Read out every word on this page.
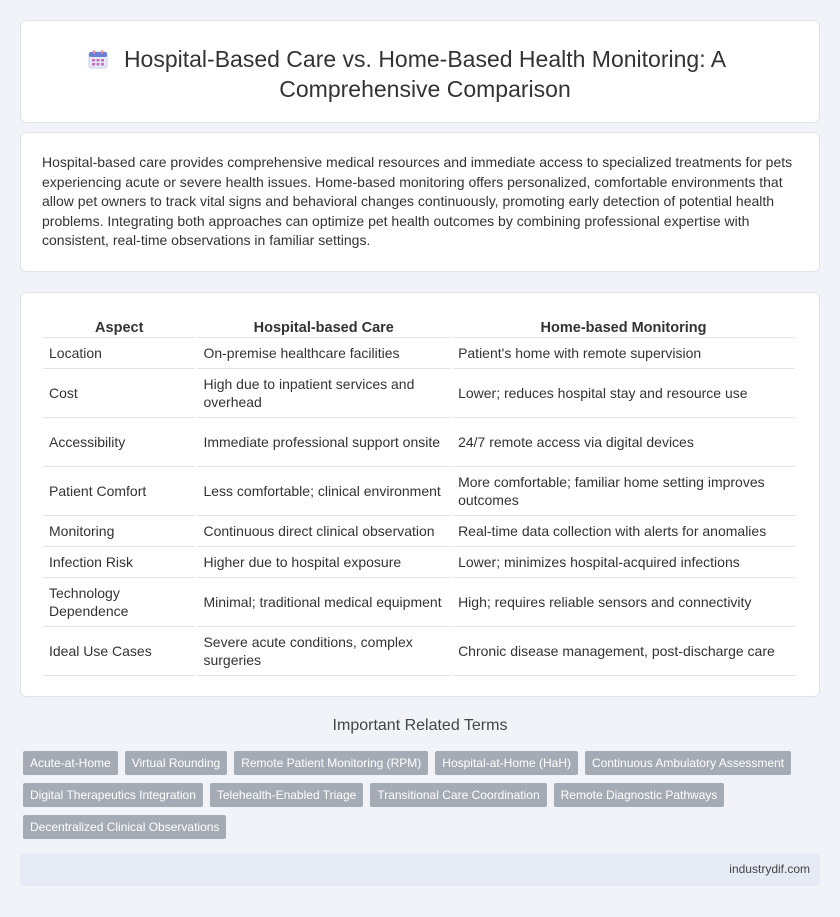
Hospital-Based Care vs. Home-Based Health Monitoring: A Comprehensive Comparison

Hospital-based care provides comprehensive medical resources and immediate access to specialized treatments for pets experiencing acute or severe health issues. Home-based monitoring offers personalized, comfortable environments that allow pet owners to track vital signs and behavioral changes continuously, promoting early detection of potential health problems. Integrating both approaches can optimize pet health outcomes by combining professional expertise with consistent, real-time observations in familiar settings.

Aspect	Hospital-based Care	Home-based Monitoring
Location	On-premise healthcare facilities	Patient's home with remote supervision
Cost	High due to inpatient services and overhead	Lower; reduces hospital stay and resource use
Accessibility	Immediate professional support onsite	24/7 remote access via digital devices
Patient Comfort	Less comfortable; clinical environment	More comfortable; familiar home setting improves outcomes
Monitoring	Continuous direct clinical observation	Real-time data collection with alerts for anomalies
Infection Risk	Higher due to hospital exposure	Lower; minimizes hospital-acquired infections
Technology Dependence	Minimal; traditional medical equipment	High; requires reliable sensors and connectivity
Ideal Use Cases	Severe acute conditions, complex surgeries	Chronic disease management, post-discharge care
Important Related Terms
Acute-at-Home	Virtual Rounding	Remote Patient Monitoring (RPM)	Hospital-at-Home (HaH)	Continuous Ambulatory Assessment
Digital Therapeutics Integration	Telehealth-Enabled Triage	Transitional Care Coordination	Remote Diagnostic Pathways
Decentralized Clinical Observations
industrydif.com
